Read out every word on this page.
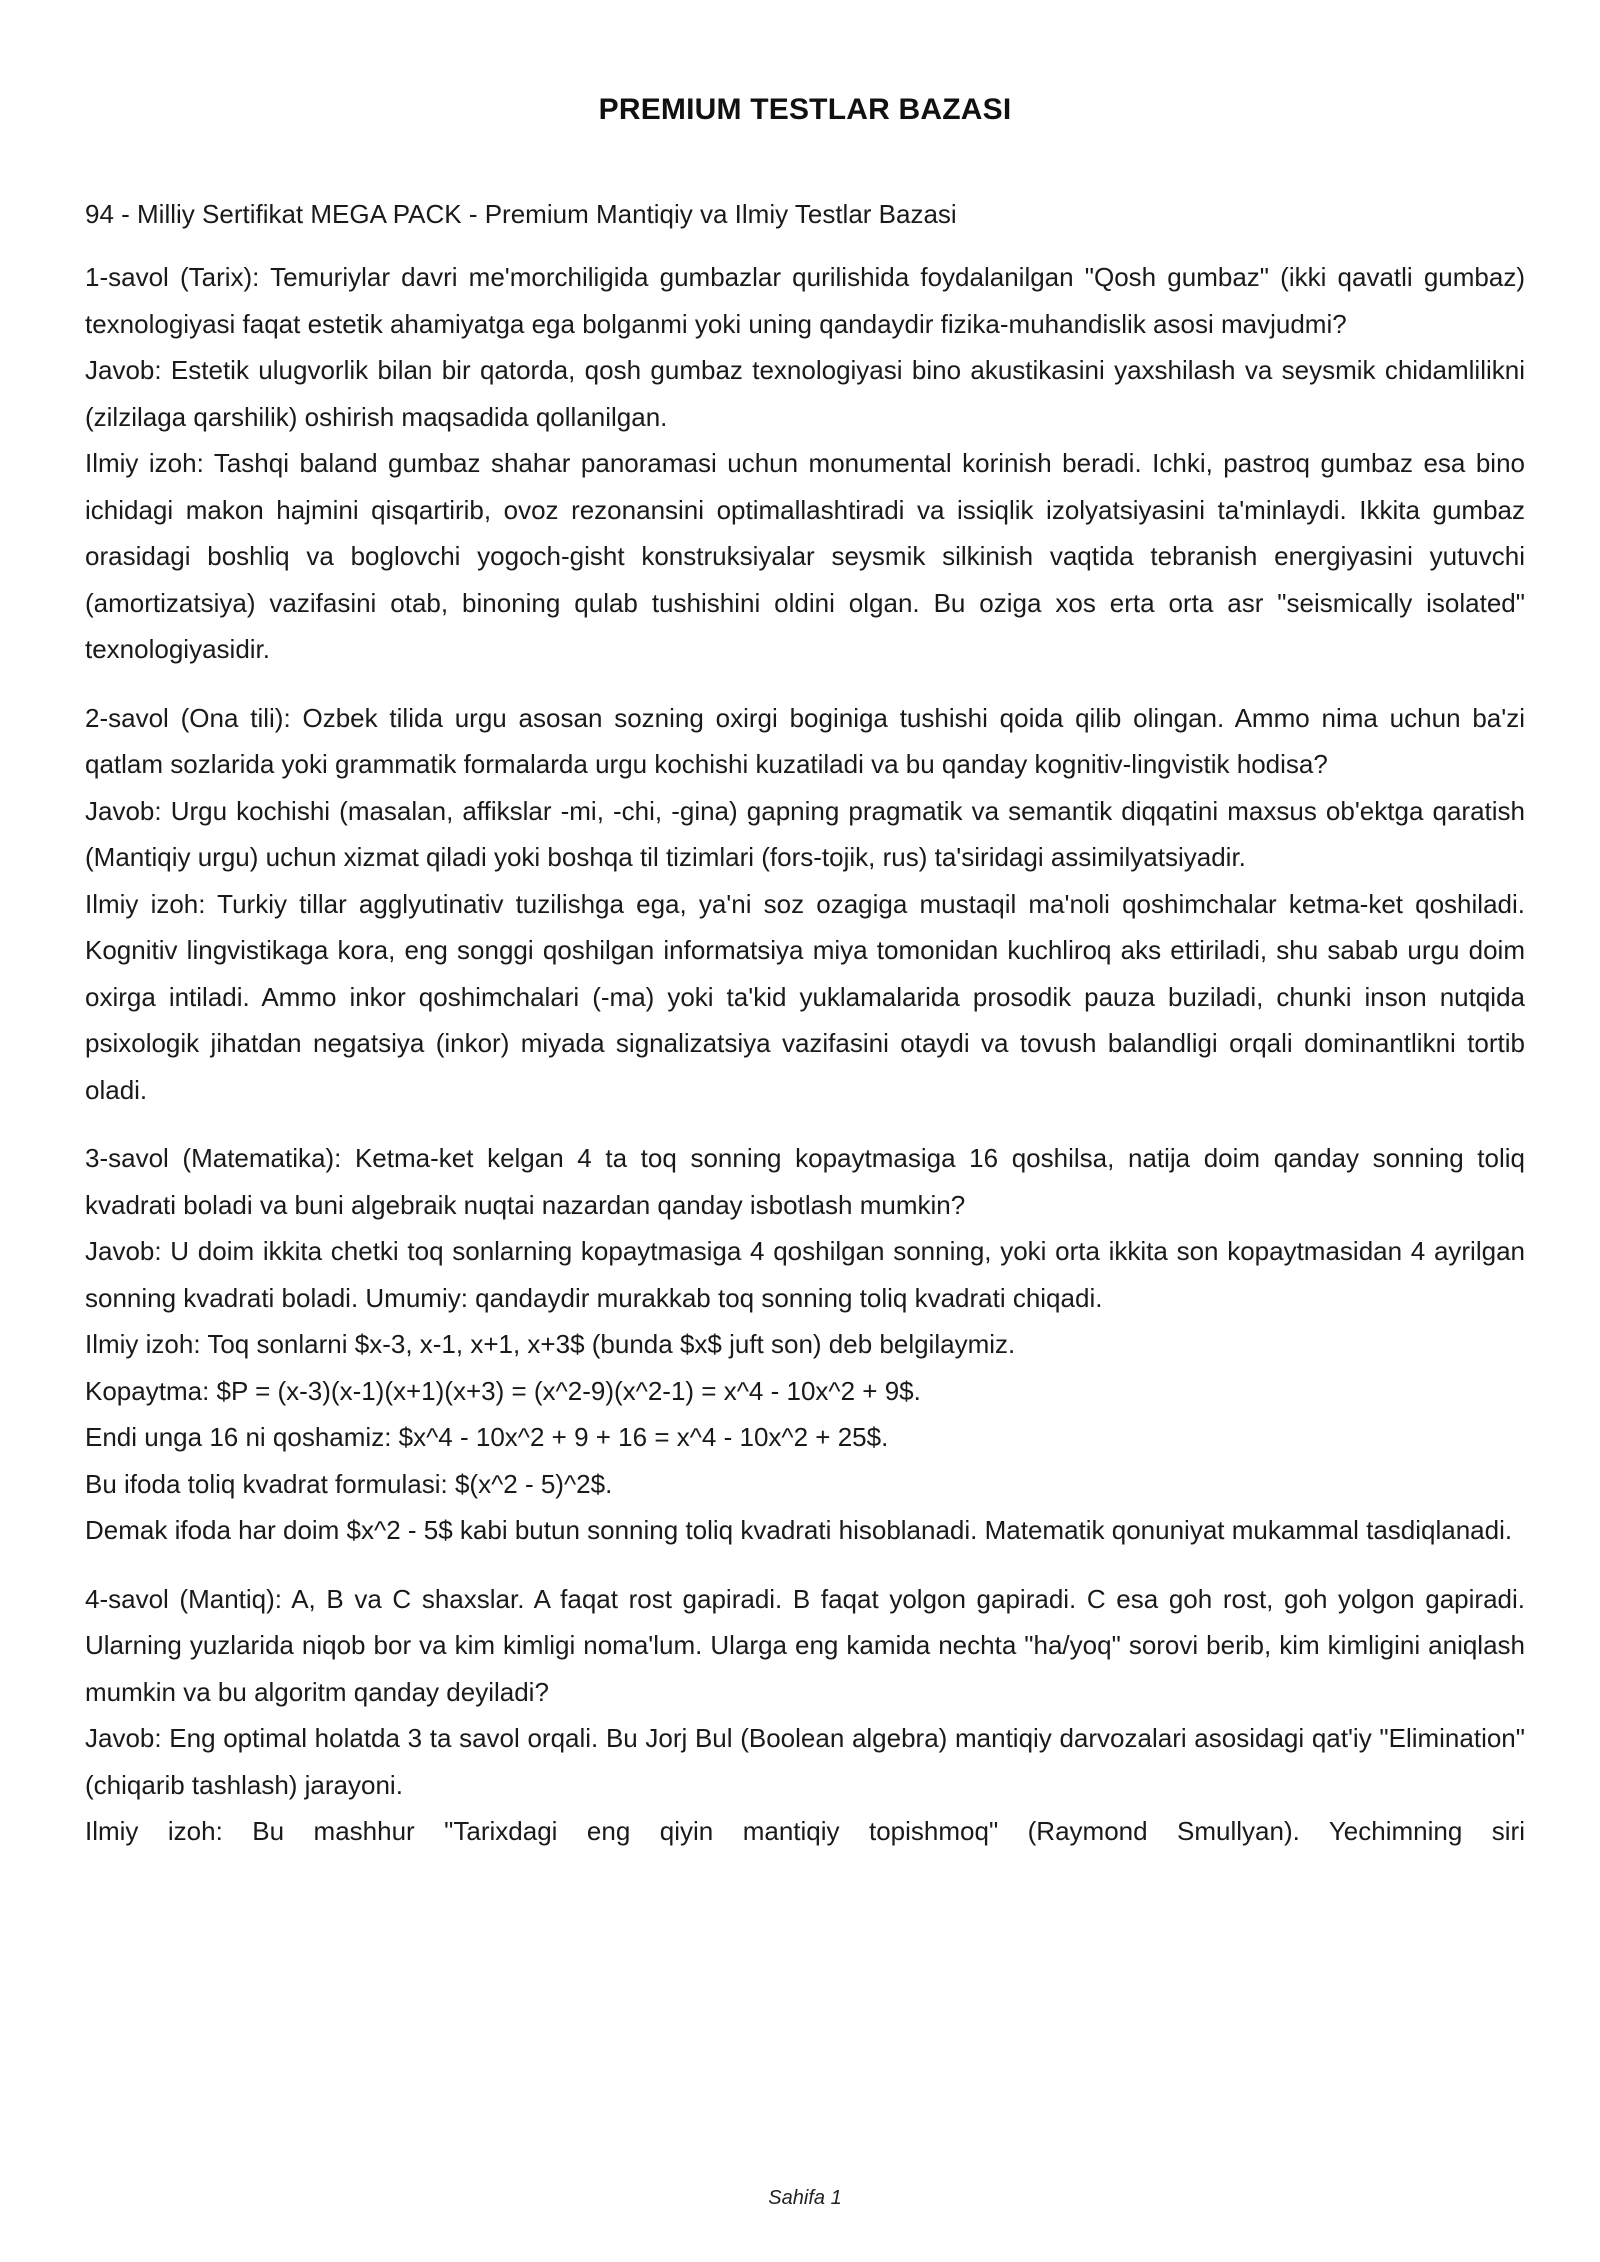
PREMIUM TESTLAR BAZASI
94 - Milliy Sertifikat MEGA PACK - Premium Mantiqiy va Ilmiy Testlar Bazasi

1-savol (Tarix): Temuriylar davri me'morchiligida gumbazlar qurilishida foydalanilgan "Qosh gumbaz" (ikki qavatli gumbaz) texnologiyasi faqat estetik ahamiyatga ega bolganmi yoki uning qandaydir fizika-muhandislik asosi mavjudmi?

Javob: Estetik ulugvorlik bilan bir qatorda, qosh gumbaz texnologiyasi bino akustikasini yaxshilash va seysmik chidamlilikni (zilzilaga qarshilik) oshirish maqsadida qollanilgan.

Ilmiy izoh: Tashqi baland gumbaz shahar panoramasi uchun monumental korinish beradi. Ichki, pastroq gumbaz esa bino ichidagi makon hajmini qisqartirib, ovoz rezonansini optimallashtiradi va issiqlik izolyatsiyasini ta'minlaydi. Ikkita gumbaz orasidagi boshliq va boglovchi yogoch-gisht konstruksiyalar seysmik silkinish vaqtida tebranish energiyasini yutuvchi (amortizatsiya) vazifasini otab, binoning qulab tushishini oldini olgan. Bu oziga xos erta orta asr "seismically isolated" texnologiyasidir.

2-savol (Ona tili): Ozbek tilida urgu asosan sozning oxirgi boginiga tushishi qoida qilib olingan. Ammo nima uchun ba'zi qatlam sozlarida yoki grammatik formalarda urgu kochishi kuzatiladi va bu qanday kognitiv-lingvistik hodisa?

Javob: Urgu kochishi (masalan, affikslar -mi, -chi, -gina) gapning pragmatik va semantik diqqatini maxsus ob'ektga qaratish (Mantiqiy urgu) uchun xizmat qiladi yoki boshqa til tizimlari (fors-tojik, rus) ta'siridagi assimilyatsiyadir.

Ilmiy izoh: Turkiy tillar agglyutinativ tuzilishga ega, ya'ni soz ozagiga mustaqil ma'noli qoshimchalar ketma-ket qoshiladi. Kognitiv lingvistikaga kora, eng songgi qoshilgan informatsiya miya tomonidan kuchliroq aks ettiriladi, shu sabab urgu doim oxirga intiladi. Ammo inkor qoshimchalari (-ma) yoki ta'kid yuklamalarida prosodik pauza buziladi, chunki inson nutqida psixologik jihatdan negatsiya (inkor) miyada signalizatsiya vazifasini otaydi va tovush balandligi orqali dominantlikni tortib oladi.

3-savol (Matematika): Ketma-ket kelgan 4 ta toq sonning kopaytmasiga 16 qoshilsa, natija doim qanday sonning toliq kvadrati boladi va buni algebraik nuqtai nazardan qanday isbotlash mumkin?

Javob: U doim ikkita chetki toq sonlarning kopaytmasiga 4 qoshilgan sonning, yoki orta ikkita son kopaytmasidan 4 ayrilgan sonning kvadrati boladi. Umumiy: qandaydir murakkab toq sonning toliq kvadrati chiqadi.

Ilmiy izoh: Toq sonlarni $x-3, x-1, x+1, x+3$ (bunda $x$ juft son) deb belgilaymiz.

Kopaytma: $P = (x-3)(x-1)(x+1)(x+3) = (x^2-9)(x^2-1) = x^4 - 10x^2 + 9$.

Endi unga 16 ni qoshamiz: $x^4 - 10x^2 + 9 + 16 = x^4 - 10x^2 + 25$.

Bu ifoda toliq kvadrat formulasi: $(x^2 - 5)^2$.

Demak ifoda har doim $x^2 - 5$ kabi butun sonning toliq kvadrati hisoblanadi. Matematik qonuniyat mukammal tasdiqlanadi.

4-savol (Mantiq): A, B va C shaxslar. A faqat rost gapiradi. B faqat yolgon gapiradi. C esa goh rost, goh yolgon gapiradi. Ularning yuzlarida niqob bor va kim kimligi noma'lum. Ularga eng kamida nechta "ha/yoq" sorovi berib, kim kimligini aniqlash mumkin va bu algoritm qanday deyiladi?

Javob: Eng optimal holatda 3 ta savol orqali. Bu Jorj Bul (Boolean algebra) mantiqiy darvozalari asosidagi qat'iy "Elimination" (chiqarib tashlash) jarayoni.

Ilmiy izoh: Bu mashhur "Tarixdagi eng qiyin mantiqiy topishmoq" (Raymond Smullyan). Yechimning siri

Sahifa 1
